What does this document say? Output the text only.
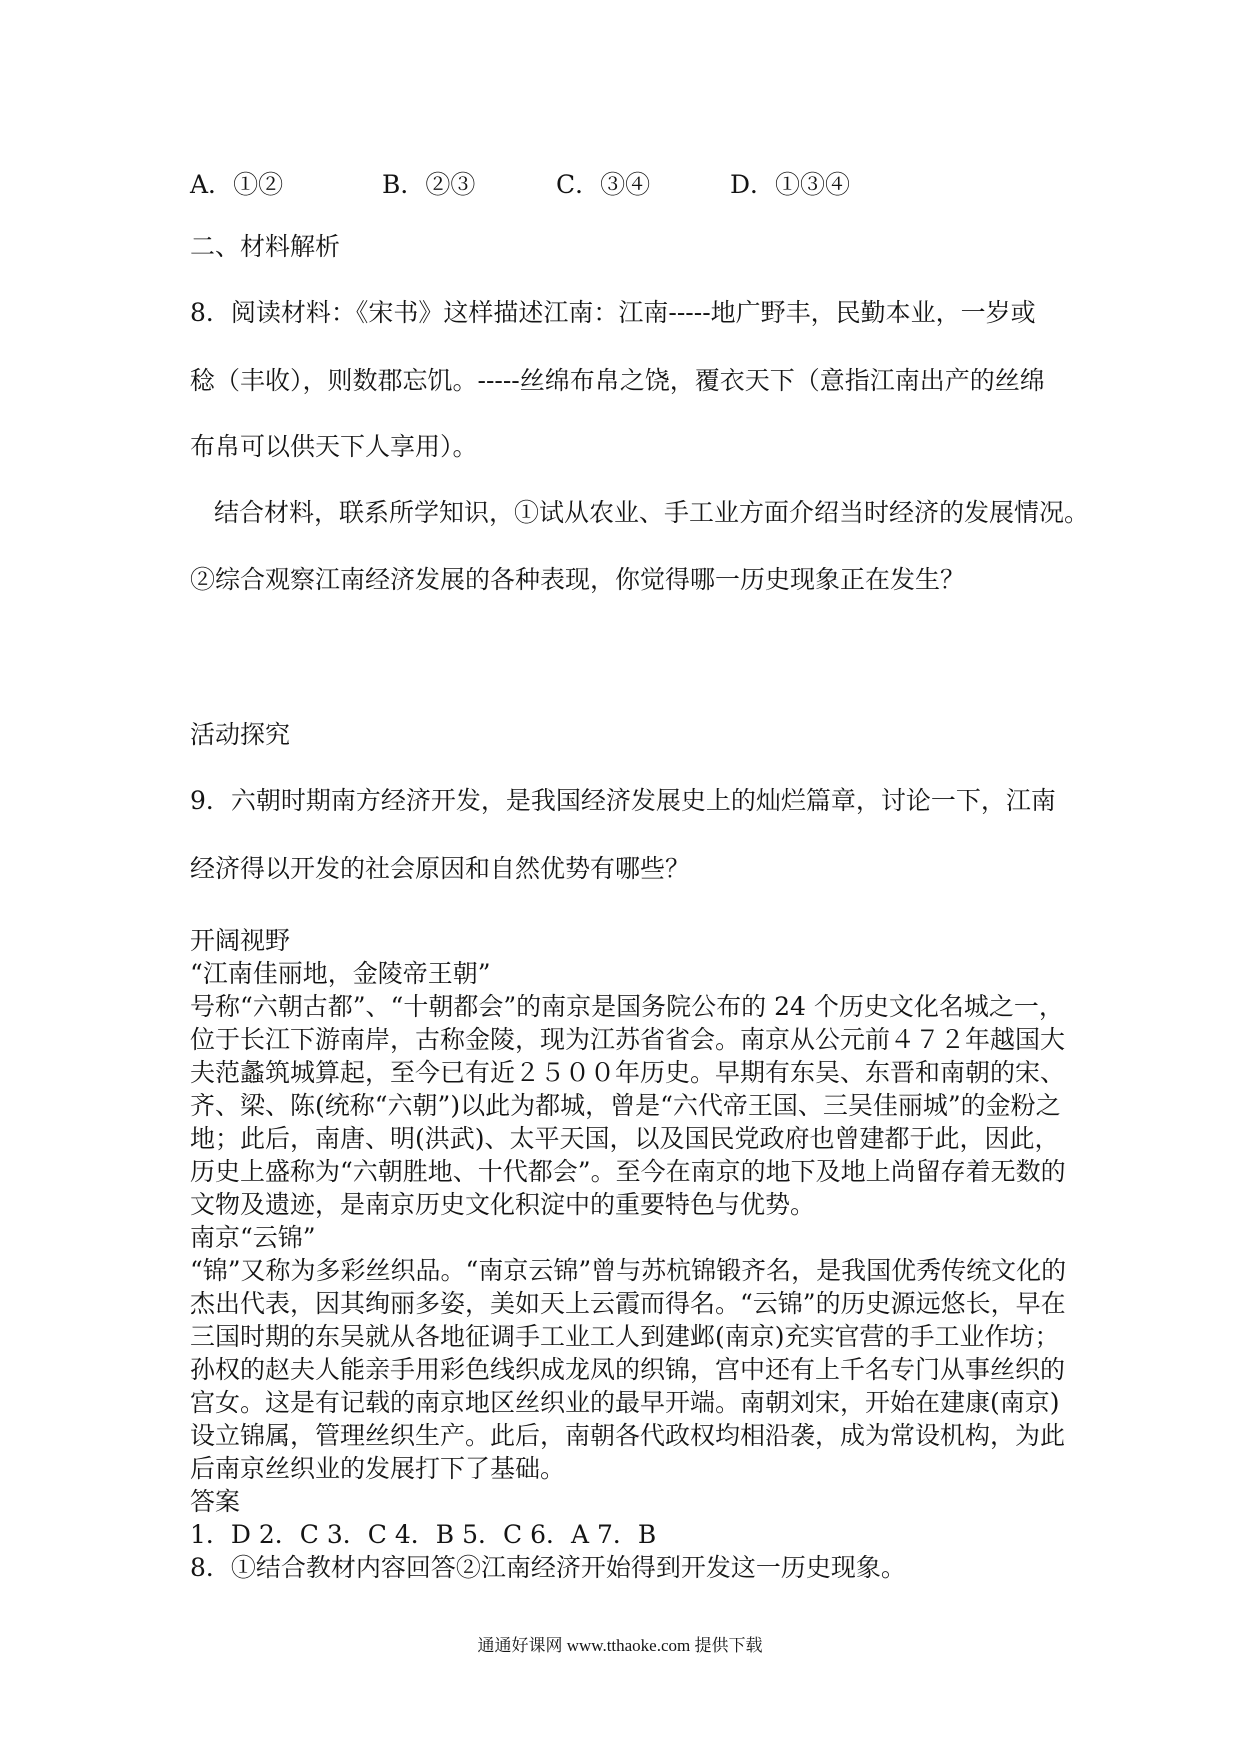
A．①②	B．②③	C．③④	D．①③④
二、材料解析
8．阅读材料：《宋书》这样描述江南：江南-----地广野丰，民勤本业，一岁或
稔（丰收），则数郡忘饥。-----丝绵布帛之饶，覆衣天下（意指江南出产的丝绵
布帛可以供天下人享用）。
结合材料，联系所学知识，①试从农业、手工业方面介绍当时经济的发展情况。
②综合观察江南经济发展的各种表现，你觉得哪一历史现象正在发生？
活动探究
9．六朝时期南方经济开发，是我国经济发展史上的灿烂篇章，讨论一下，江南
经济得以开发的社会原因和自然优势有哪些？
开阔视野
“江南佳丽地，金陵帝王朝”
号称“六朝古都”、“十朝都会”的南京是国务院公布的 24 个历史文化名城之一，
位于长江下游南岸，古称金陵，现为江苏省省会。南京从公元前４７２年越国大
夫范蠡筑城算起，至今已有近２５００年历史。早期有东吴、东晋和南朝的宋、
齐、梁、陈(统称“六朝”)以此为都城，曾是“六代帝王国、三吴佳丽城”的金粉之
地；此后，南唐、明(洪武)、太平天国，以及国民党政府也曾建都于此，因此，
历史上盛称为“六朝胜地、十代都会”。至今在南京的地下及地上尚留存着无数的
文物及遗迹，是南京历史文化积淀中的重要特色与优势。
南京“云锦”
“锦”又称为多彩丝织品。“南京云锦”曾与苏杭锦锻齐名，是我国优秀传统文化的
杰出代表，因其绚丽多姿，美如天上云霞而得名。“云锦”的历史源远悠长，早在
三国时期的东吴就从各地征调手工业工人到建邺(南京)充实官营的手工业作坊；
孙权的赵夫人能亲手用彩色线织成龙凤的织锦，宫中还有上千名专门从事丝织的
宫女。这是有记载的南京地区丝织业的最早开端。南朝刘宋，开始在建康(南京)
设立锦属，管理丝织生产。此后，南朝各代政权均相沿袭，成为常设机构，为此
后南京丝织业的发展打下了基础。
答案
1．D 2．C 3．C 4．B 5．C 6．A 7．B
8．①结合教材内容回答②江南经济开始得到开发这一历史现象。
通通好课网 www.tthaoke.com 提供下载
